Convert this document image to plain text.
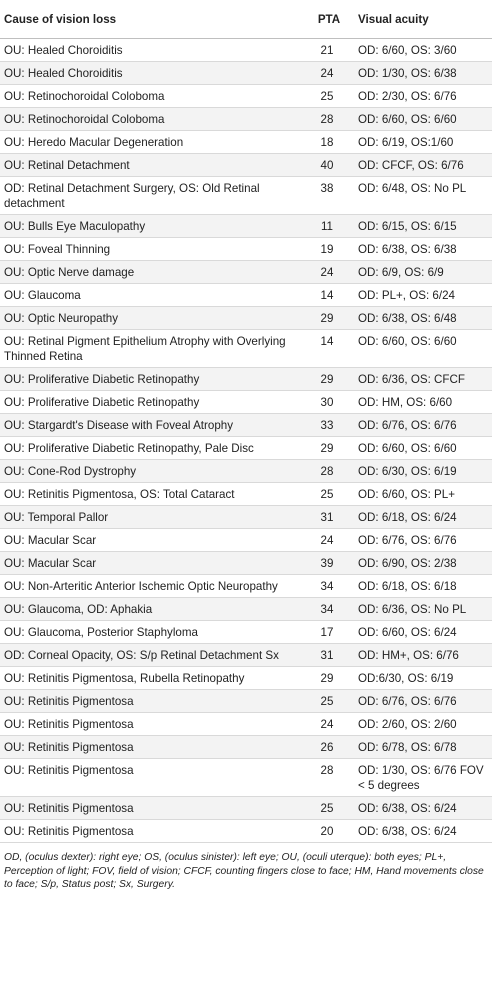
Cause of vision loss	PTA	Visual acuity
OU: Healed Choroiditis	21	OD: 6/60, OS: 3/60
OU: Healed Choroiditis	24	OD: 1/30, OS: 6/38
OU: Retinochoroidal Coloboma	25	OD: 2/30, OS: 6/76
OU: Retinochoroidal Coloboma	28	OD: 6/60, OS: 6/60
OU: Heredo Macular Degeneration	18	OD: 6/19, OS:1/60
OU: Retinal Detachment	40	OD: CFCF, OS: 6/76
OD: Retinal Detachment Surgery, OS: Old Retinal detachment	38	OD: 6/48, OS: No PL
OU: Bulls Eye Maculopathy	11	OD: 6/15, OS: 6/15
OU: Foveal Thinning	19	OD: 6/38, OS: 6/38
OU: Optic Nerve damage	24	OD: 6/9, OS: 6/9
OU: Glaucoma	14	OD: PL+, OS: 6/24
OU: Optic Neuropathy	29	OD: 6/38, OS: 6/48
OU: Retinal Pigment Epithelium Atrophy with Overlying Thinned Retina	14	OD: 6/60, OS: 6/60
OU: Proliferative Diabetic Retinopathy	29	OD: 6/36, OS: CFCF
OU: Proliferative Diabetic Retinopathy	30	OD: HM, OS: 6/60
OU: Stargardt's Disease with Foveal Atrophy	33	OD: 6/76, OS: 6/76
OU: Proliferative Diabetic Retinopathy, Pale Disc	29	OD: 6/60, OS: 6/60
OU: Cone-Rod Dystrophy	28	OD: 6/30, OS: 6/19
OU: Retinitis Pigmentosa, OS: Total Cataract	25	OD: 6/60, OS: PL+
OU: Temporal Pallor	31	OD: 6/18, OS: 6/24
OU: Macular Scar	24	OD: 6/76, OS: 6/76
OU: Macular Scar	39	OD: 6/90, OS: 2/38
OU: Non-Arteritic Anterior Ischemic Optic Neuropathy	34	OD: 6/18, OS: 6/18
OU: Glaucoma, OD: Aphakia	34	OD: 6/36, OS: No PL
OU: Glaucoma, Posterior Staphyloma	17	OD: 6/60, OS: 6/24
OD: Corneal Opacity, OS: S/p Retinal Detachment Sx	31	OD: HM+, OS: 6/76
OU: Retinitis Pigmentosa, Rubella Retinopathy	29	OD:6/30, OS: 6/19
OU: Retinitis Pigmentosa	25	OD: 6/76, OS: 6/76
OU: Retinitis Pigmentosa	24	OD: 2/60, OS: 2/60
OU: Retinitis Pigmentosa	26	OD: 6/78, OS: 6/78
OU: Retinitis Pigmentosa	28	OD: 1/30, OS: 6/76 FOV < 5 degrees
OU: Retinitis Pigmentosa	25	OD: 6/38, OS: 6/24
OU: Retinitis Pigmentosa	20	OD: 6/38, OS: 6/24
OD, (oculus dexter): right eye; OS, (oculus sinister): left eye; OU, (oculi uterque): both eyes; PL+, Perception of light; FOV, field of vision; CFCF, counting fingers close to face; HM, Hand movements close to face; S/p, Status post; Sx, Surgery.
